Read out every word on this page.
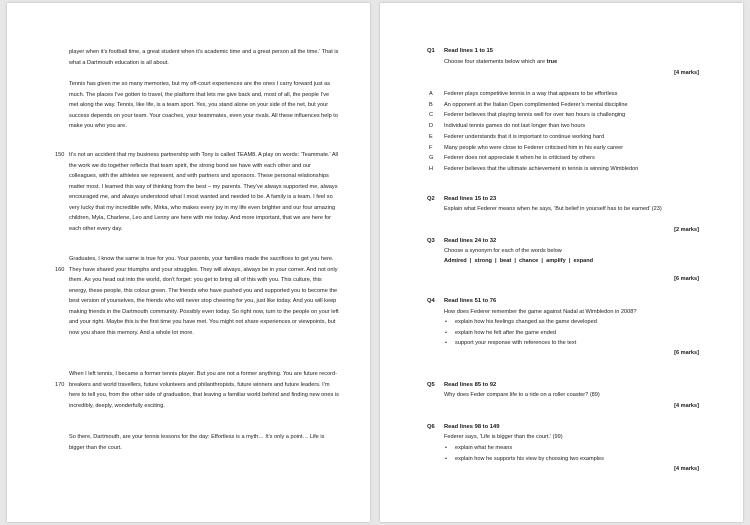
player when it’s football time, a great student when it’s academic time and a great person all the time.’ That is what a Dartmouth education is all about.

Tennis has given me so many memories, but my off-court experiences are the ones I carry forward just as much. The places I’ve gotten to travel, the platform that lets me give back and, most of all, the people I’ve met along the way. Tennis, like life, is a team sport. Yes, you stand alone on your side of the net, but your success depends on your team. Your coaches, your teammates, even your rivals. All these influences help to make you who you are.

150 It’s not an accident that my business partnership with Tony is called TEAM8. A play on words: ‘Teammate.’ All the work we do together reflects that team spirit, the strong bond we have with each other and our colleagues, with the athletes we represent, and with partners and sponsors. These personal relationships matter most. I learned this way of thinking from the best – my parents. They’ve always supported me, always encouraged me, and always understood what I most wanted and needed to be. A family is a team. I feel so very lucky that my incredible wife, Mirka, who makes every joy in my life even brighter and our four amazing children, Myla, Charlene, Leo and Lenny are here with me today. And more important, that we are here for each other every day.

160

Graduates, I know the same is true for you. Your parents, your families made the sacrifices to get you here. They have shared your triumphs and your struggles. They will always, always be in your corner. And not only them. As you head out into the world, don’t forget: you get to bring all of this with you. This culture, this energy, these people, this colour green. The friends who have pushed you and supported you to become the best version of yourselves, the friends who will never stop cheering for you, just like today. And you will keep making friends in the Dartmouth community. Possibly even today. So right now, turn to the people on your left and your right. Maybe this is the first time you have met. You might not share experiences or viewpoints, but now you share this memory. And a whole lot more.

170

When I left tennis, I became a former tennis player. But you are not a former anything. You are future record-breakers and world travellers, future volunteers and philanthropists, future winners and future leaders. I’m here to tell you, from the other side of graduation, that leaving a familiar world behind and finding new ones is incredibly, deeply, wonderfully exciting.

So there, Dartmouth, are your tennis lessons for the day: Effortless is a myth… It’s only a point… Life is bigger than the court.

Q1 Read lines 1 to 15
Choose four statements below which are true
[4 marks]
A Federer plays competitive tennis in a way that appears to be effortless
B An opponent at the Italian Open complimented Federer’s mental discipline
C Federer believes that playing tennis well for over two hours is challenging
D Individual tennis games do not last longer than two hours
E Federer understands that it is important to continue working hard
F Many people who were close to Federer criticised him in his early career
G Federer does not appreciate it when he is criticised by others
H Federer believes that the ultimate achievement in tennis is winning Wimbledon
Q2 Read lines 15 to 23
Explain what Federer means when he says, ‘But belief in yourself has to be earned’ (23)
[2 marks]
Q3 Read lines 24 to 32
Choose a synonym for each of the words below
Admired | strong | beat | chance | amplify | expand
[6 marks]
Q4 Read lines 51 to 76
How does Federer remember the game against Nadal at Wimbledon in 2008?
• explain how his feelings changed as the game developed
• explain how he felt after the game ended
• support your response with references to the text
[6 marks]
Q5 Read lines 85 to 92
Why does Feder compare life to a ride on a roller coaster? (89)
[4 marks]
Q6 Read lines 98 to 149
Federer says, ‘Life is bigger than the court.’ (99)
• explain what he means
• explain how he supports his view by choosing two examples
[4 marks]
